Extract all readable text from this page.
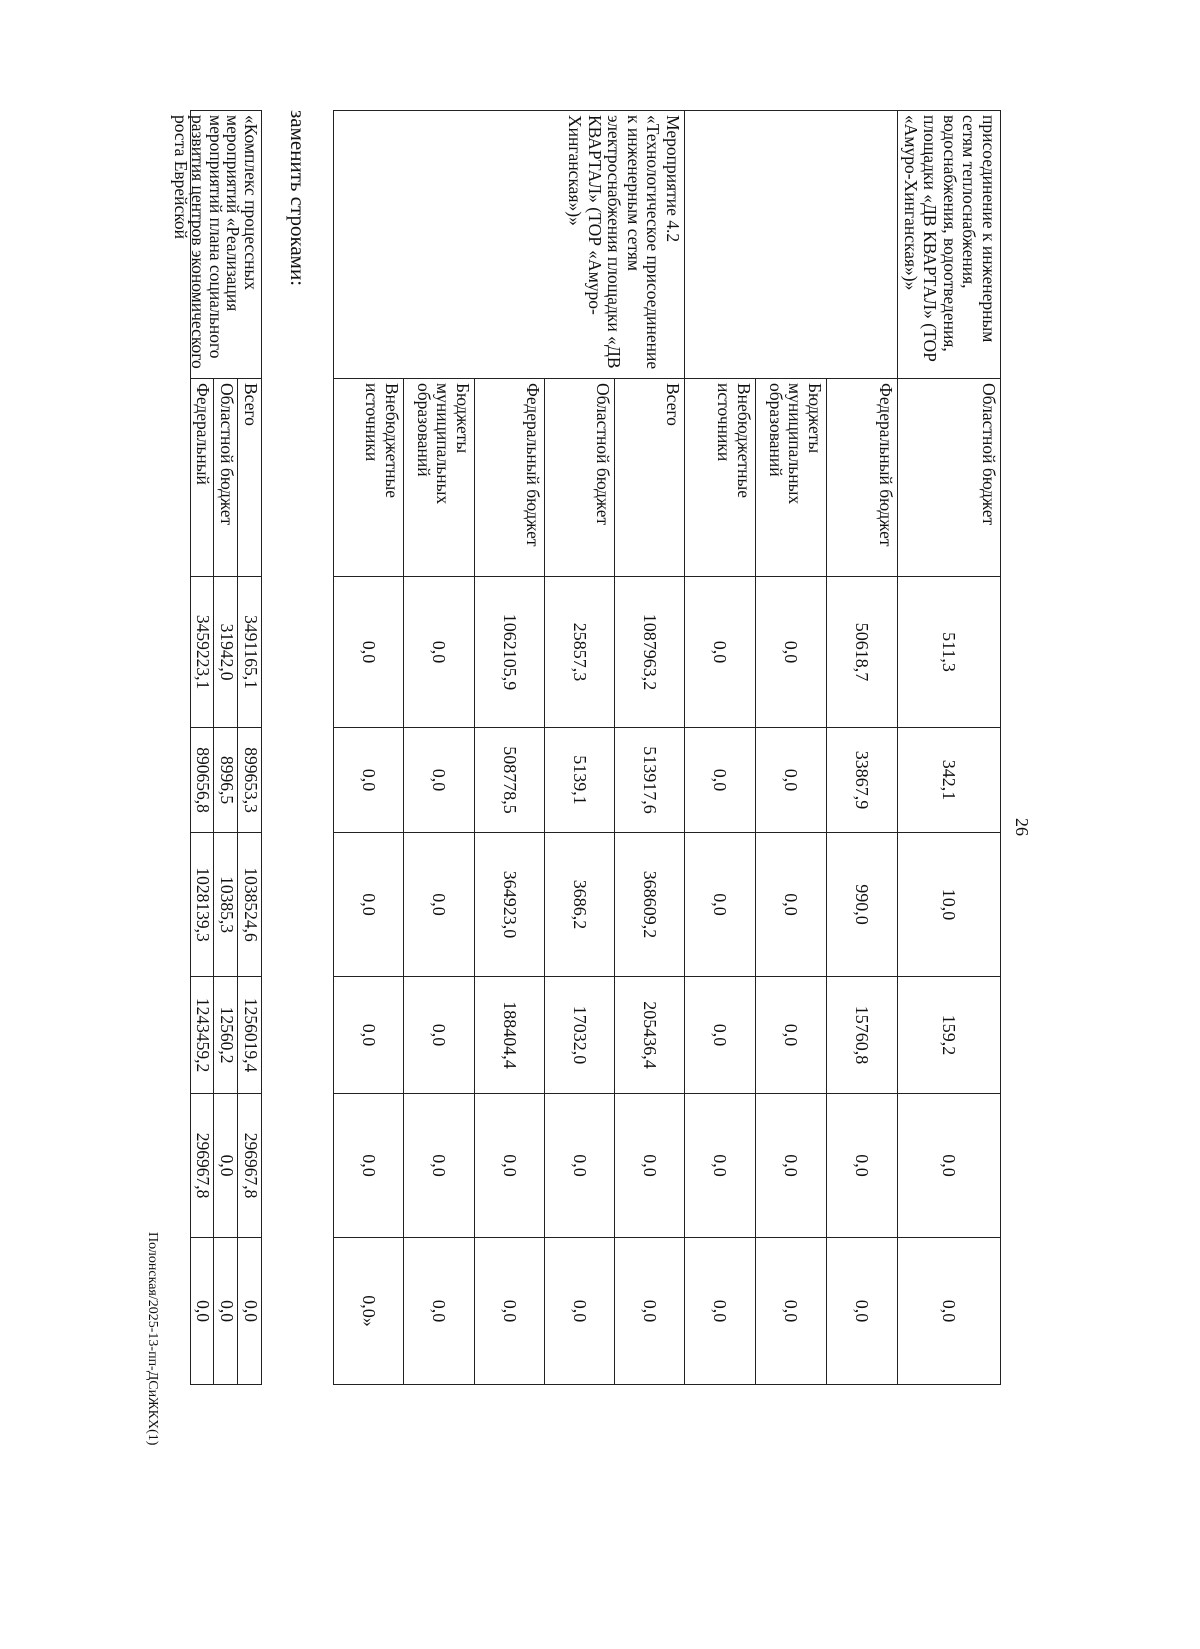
26
Полонская/2025-13-пп-ДСиЖКХ(1)
присоединение к инженерным сетям теплоснабжения, водоснабжения, водоотведения, площадки «ДВ КВАРТАЛ» (ТОР «Амуро-Хинганская»)»	Областной бюджет	511,3	342,1	10,0	159,2	0,0	0,0
	Федеральный бюджет	50618,7	33867,9	990,0	15760,8	0,0	0,0
	Бюджеты муниципальных образований	0,0	0,0	0,0	0,0	0,0	0,0
	Внебюджетные источники	0,0	0,0	0,0	0,0	0,0	0,0
Мероприятие 4.2 «Технологическое присоединение к инженерным сетям электроснабжения площадки «ДВ КВАРТАЛ» (ТОР «Амуро-Хинганская»)»	Всего	1087963,2	513917,6	368609,2	205436,4	0,0	0,0
	Областной бюджет	25857,3	5139,1	3686,2	17032,0	0,0	0,0
	Федеральный бюджет	1062105,9	508778,5	364923,0	188404,4	0,0	0,0
	Бюджеты муниципальных образований	0,0	0,0	0,0	0,0	0,0	0,0
	Внебюджетные источники	0,0	0,0	0,0	0,0	0,0	0,0»
заменить строками:
«Комплекс процессных мероприятий «Реализация мероприятий плана социального развития центров экономического роста Еврейской	Всего	3491165,1	899653,3	1038524,6	1256019,4	296967,8	0,0
	Областной бюджет	31942,0	8996,5	10385,3	12560,2	0,0	0,0
	Федеральный	3459223,1	890656,8	1028139,3	1243459,2	296967,8	0,0
